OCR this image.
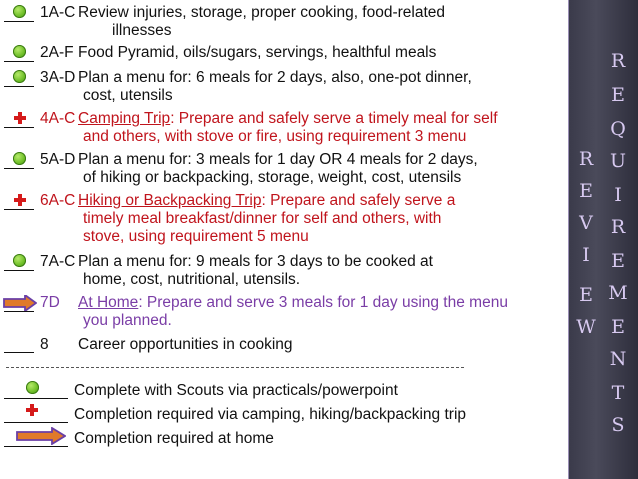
1A-C Review injuries, storage, proper cooking, food-related
illnesses
2A-F Food Pyramid, oils/sugars, servings, healthful meals
3A-D Plan a menu for: 6 meals for 2 days, also, one-pot dinner,
cost, utensils
4A-C Camping Trip: Prepare and safely serve a timely meal for self
and others, with stove or fire, using requirement 3 menu
5A-D Plan a menu for: 3 meals for 1 day OR 4 meals for 2 days,
of hiking or backpacking, storage, weight, cost, utensils
6A-C Hiking or Backpacking Trip: Prepare and safely serve a
timely meal breakfast/dinner for self and others, with
stove, using requirement 5 menu
7A-C Plan a menu for: 9 meals for 3 days to be cooked at
home, cost, nutritional, utensils.
7D At Home: Prepare and serve 3 meals for 1 day using the menu
you planned.
8 Career opportunities in cooking
Complete with Scouts via practicals/powerpoint
Completion required via camping, hiking/backpacking trip
Completion required at home
R
E
V
I
E
W
R
E
Q
U
I
R
E
M
E
N
T
S
